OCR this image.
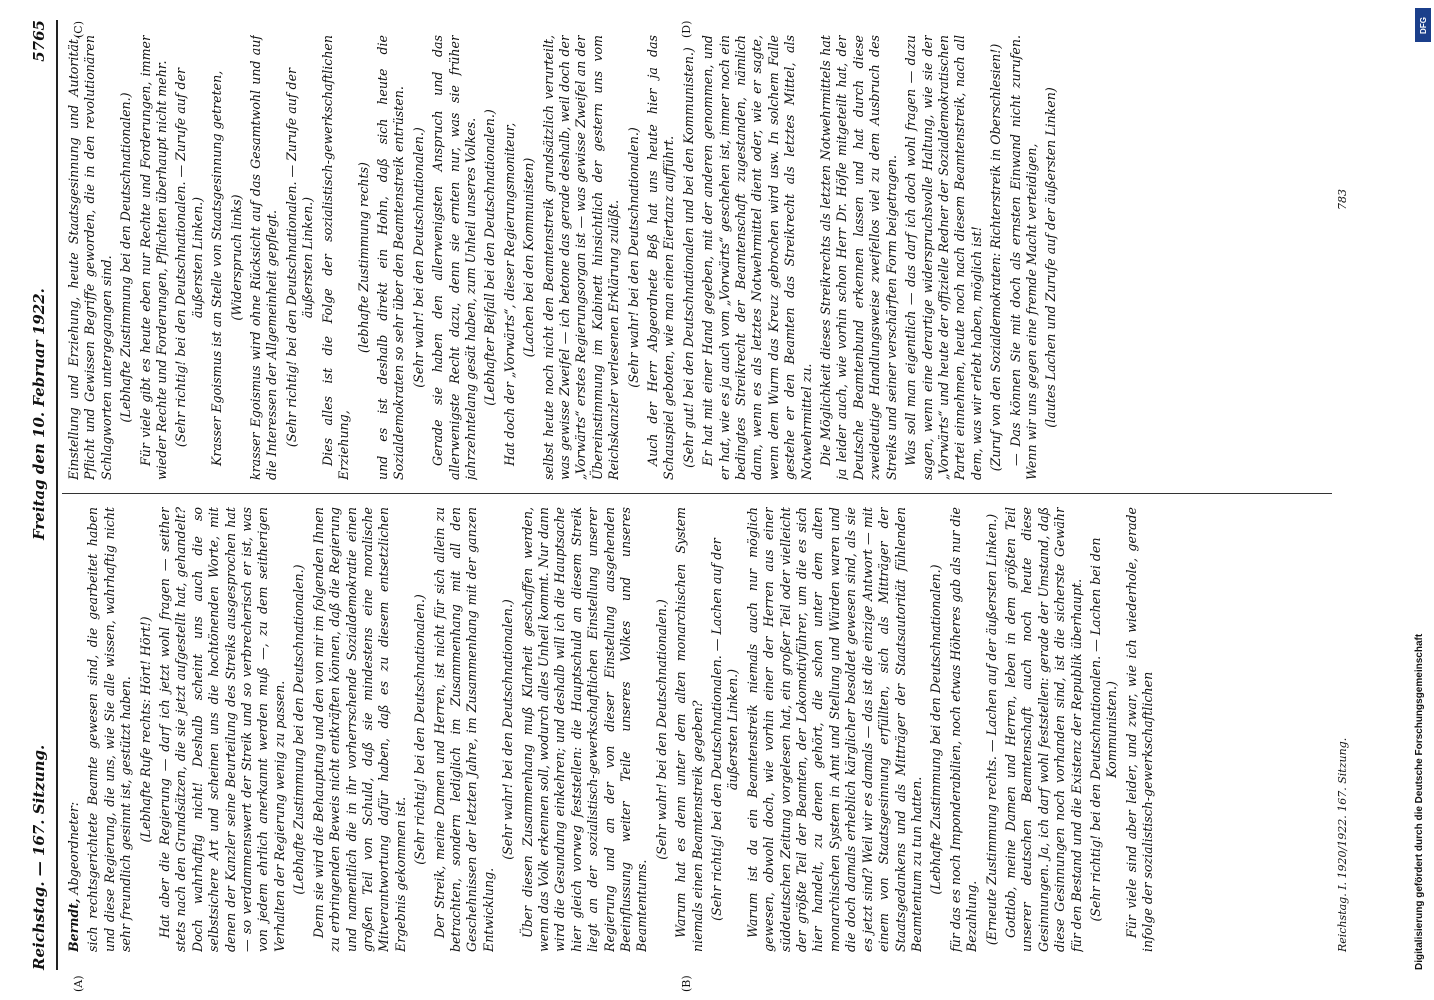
Reichstag. — 167. Sitzung.
Freitag den 10. Februar 1922.
5765
(A)	(B)
(C)	(D)

Berndt, Abgeordneter: sich rechtsgerichtete Beamte gewesen sind, die gearbeitet haben und diese Regierung, die uns, wie Sie alle wissen, wahrhaftig nicht sehr freundlich gesinnt ist, gestützt haben. (Lebhafte Rufe rechts: Hört! Hört!) Hat aber die Regierung — darf ich jetzt wohl fragen — seither stets nach den Grundsätzen, die sie jetzt aufgestellt hat, gehandelt? Doch wahrhaftig nicht! Deshalb scheint uns auch die so selbstsichere Art und scheinen uns die hochtönenden Worte, mit denen der Kanzler seine Beurteilung des Streiks ausgesprochen hat — so verdammenswert der Streik und so verbrecherisch er ist, was von jedem ehrlich anerkannt werden muß —, zu dem seitherigen Verhalten der Regierung wenig zu passen. (Lebhafte Zustimmung bei den Deutschnationalen.) Denn sie wird die Behauptung und den von mir im folgenden Ihnen zu erbringenden Beweis nicht entkräften können, daß die Regierung und namentlich die in ihr vorherrschende Sozialdemokratie einen großen Teil von Schuld, daß sie mindestens eine moralische Mitverantwortung dafür haben, daß es zu diesem entsetzlichen Ergebnis gekommen ist.

(Sehr richtig! bei den Deutschnationalen.) Der Streik, meine Damen und Herren, ist nicht für sich allein zu betrachten, sondern lediglich im Zusammenhang mit all den Geschehnissen der letzten Jahre, im Zusammenhang mit der ganzen Entwicklung.

(Sehr wahr! bei den Deutschnationalen.) Über diesen Zusammenhang muß Klarheit geschaffen werden, wenn das Volk erkennen soll, wodurch alles Unheil kommt. Nur dann wird die Gesundung einkehren; und deshalb will ich die Hauptsache hier gleich vorweg feststellen: die Hauptschuld an diesem Streik liegt an der sozialistisch-gewerkschaftlichen Einstellung unserer Regierung und an der von dieser Einstellung ausgehenden Beeinflussung weiter Teile unseres Volkes und unseres Beamtentums.

(Sehr wahr! bei den Deutschnationalen.) Warum hat es denn unter dem alten monarchischen System niemals einen Beamtenstreik gegeben? (Sehr richtig! bei den Deutschnationalen. — Lachen auf der äußersten Linken.) Warum ist da ein Beamtenstreik niemals auch nur möglich gewesen, obwohl doch, wie vorhin einer der Herren aus einer süddeutschen Zeitung vorgelesen hat, ein großer Teil oder vielleicht der größte Teil der Beamten, der Lokomotivführer, um die es sich hier handelt, zu denen gehört, die schon unter dem alten monarchischen System in Amt und Stellung und Würden waren und die doch damals erheblich kärglicher besoldet gewesen sind, als sie es jetzt sind? Weil wir es damals — das ist die einzige Antwort — mit einem von Staatsgesinnung erfüllten, sich als Mitträger der Staatsgedankens und als Mitträger der Staatsautorität fühlenden Beamtentum zu tun hatten. (Lebhafte Zustimmung bei den Deutschnationalen.) für das es noch Imponderabilien, noch etwas Höheres gab als nur die Bezahlung. (Erneute Zustimmung rechts. — Lachen auf der äußersten Linken.) Gottlob, meine Damen und Herren, leben in dem größten Teil unserer deutschen Beamtenschaft auch noch heute diese Gesinnungen. Ja, ich darf wohl feststellen: gerade der Umstand, daß diese Gesinnungen noch vorhanden sind, ist die sicherste Gewähr für den Bestand und die Existenz der Republik überhaupt. (Sehr richtig! bei den Deutschnationalen. — Lachen bei den Kommunisten.) Für viele sind aber leider, und zwar, wie ich wiederhole, gerade infolge der sozialistisch-gewerkschaftlichen

Einstellung und Erziehung, heute Staatsgesinnung und Autorität, Pflicht und Gewissen Begriffe geworden, die in den revolutionären Schlagworten untergegangen sind. (Lebhafte Zustimmung bei den Deutschnationalen.) Für viele gibt es heute eben nur Rechte und Forderungen, immer wieder Rechte und Forderungen, Pflichten überhaupt nicht mehr. (Sehr richtig! bei den Deutschnationalen. — Zurufe auf der äußersten Linken.) Krasser Egoismus ist an Stelle von Staatsgesinnung getreten, (Widerspruch links) krasser Egoismus wird ohne Rücksicht auf das Gesamtwohl und auf die Interessen der Allgemeinheit gepflegt. (Sehr richtig! bei den Deutschnationalen. — Zurufe auf der äußersten Linken.) Dies alles ist die Folge der sozialistisch-gewerkschaftlichen Erziehung,

(lebhafte Zustimmung rechts) und es ist deshalb direkt ein Hohn, daß sich heute die Sozialdemokraten so sehr über den Beamtenstreik entrüsten. (Sehr wahr! bei den Deutschnationalen.) Gerade sie haben den allerwenigsten Anspruch und das allerwenigste Recht dazu, denn sie ernten nur, was sie früher jahrzehntelang gesät haben, zum Unheil unseres Volkes. (Lebhafter Beifall bei den Deutschnationalen.) Hat doch der „Vorwärts“, dieser Regierungsmoniteur, (Lachen bei den Kommunisten) selbst heute noch nicht den Beamtenstreik grundsätzlich verurteilt, was gewisse Zweifel — ich betone das gerade deshalb, weil doch der „Vorwärts“ erstes Regierungsorgan ist — was gewisse Zweifel an der Übereinstimmung im Kabinett hinsichtlich der gestern uns vom Reichskanzler verlesenen Erklärung zuläßt. (Sehr wahr! bei den Deutschnationalen.) Auch der Herr Abgeordnete Beß hat uns heute hier ja das Schauspiel geboten, wie man einen Eiertanz aufführt. (Sehr gut! bei den Deutschnationalen und bei den Kommunisten.) Er hat mit einer Hand gegeben, mit der anderen genommen, und er hat, wie es ja auch vom „Vorwärts“ geschehen ist, immer noch ein bedingtes Streikrecht der Beamtenschaft zugestanden, nämlich dann, wenn es als letztes Notwehrmittel dient oder, wie er sagte, wenn dem Wurm das Kreuz gebrochen wird usw. In solchem Falle gestehe er den Beamten das Streikrecht als letztes Mittel, als Notwehrmittel zu. Die Möglichkeit dieses Streikrechts als letzten Notwehrmittels hat ja leider auch, wie vorhin schon Herr Dr. Höfle mitgeteilt hat, der Deutsche Beamtenbund erkennen lassen und hat durch diese zweideutige Handlungsweise zweifellos viel zu dem Ausbruch des Streiks und seiner verschärften Form beigetragen. Was soll man eigentlich — das darf ich doch wohl fragen — dazu sagen, wenn eine derartige widerspruchsvolle Haltung, wie sie der „Vorwärts“ und heute der offizielle Redner der Sozialdemokratischen Partei einnehmen, heute noch nach diesem Beamtenstreik, nach all dem, was wir erlebt haben, möglich ist! (Zuruf von den Sozialdemokraten: Richterstreik in Oberschlesien!) — Das können Sie mit doch als ernsten Einwand nicht zurufen. Wenn wir uns gegen eine fremde Macht verteidigen, (lautes Lachen und Zurufe auf der äußersten Linken)

Reichstag. I. 1920/1922. 167. Sitzung.
783
DFG
Digitalisierung gefördert durch die Deutsche Forschungsgemeinschaft
